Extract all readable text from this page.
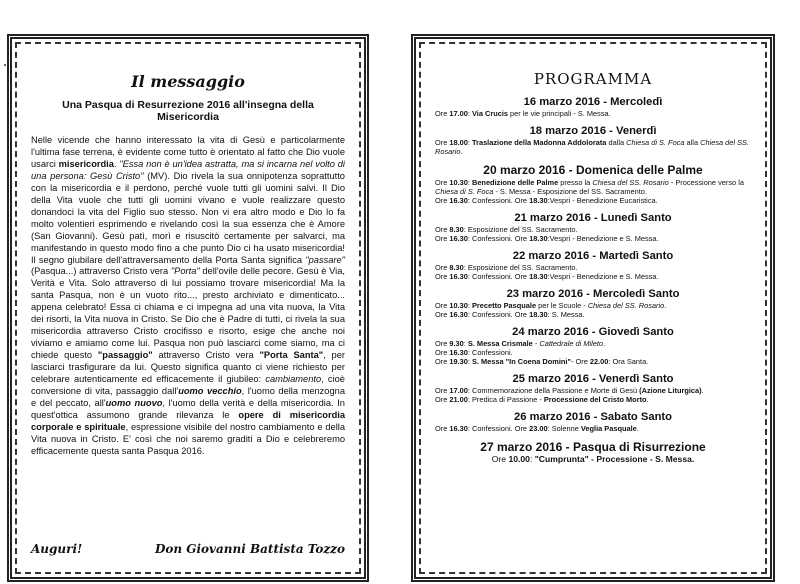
Il messaggio
Una Pasqua di Resurrezione 2016 all'insegna della Misericordia

Nelle vicende che hanno interessato la vita di Gesù e particolarmente l'ultima fase terrena, è evidente come tutto è orientato al fatto che Dio vuole usarci misericordia. "Essa non è un'idea astratta, ma si incarna nel volto di una persona: Gesù Cristo" (MV). Dio rivela la sua onnipotenza soprattutto con la misericordia e il perdono, perché vuole tutti gli uomini salvi. Il Dio della Vita vuole che tutti gli uomini vivano e vuole realizzare questo donandoci la vita del Figlio suo stesso. Non vi era altro modo e Dio lo fa molto volentieri esprimendo e rivelando così la sua essenza che è Amore (San Giovanni). Gesù patì, morì e risuscitò certamente per salvarci, ma manifestando in questo modo fino a che punto Dio ci ha usato misericordia! Il segno giubilare dell'attraversamento della Porta Santa significa "passare" (Pasqua...) attraverso Cristo vera "Porta" dell'ovile delle pecore. Gesù è Via, Verità e Vita. Solo attraverso di lui possiamo trovare misericordia! Ma la santa Pasqua, non è un vuoto rito..., presto archiviato e dimenticato... appena celebrato! Essa ci chiama e ci impegna ad una vita nuova, la Vita dei risorti, la Vita nuova in Cristo. Se Dio che è Padre di tutti, ci rivela la sua misericordia attraverso Cristo crocifisso e risorto, esige che anche noi viviamo e amiamo come lui. Pasqua non può lasciarci come siamo, ma ci chiede questo "passaggio" attraverso Cristo vera "Porta Santa", per lasciarci trasfigurare da lui. Questo significa quanto ci viene richiesto per celebrare autenticamente ed efficacemente il giubileo: cambiamento, cioè conversione di vita, passaggio dall'uomo vecchio, l'uomo della menzogna e del peccato, all'uomo nuovo, l'uomo della verità e della misericordia. In quest'ottica assumono grande rilevanza le opere di misericordia corporale e spirituale, espressione visibile del nostro cambiamento e della Vita nuova in Cristo. E' così che noi saremo graditi a Dio e celebreremo efficacemente questa santa Pasqua 2016.

Auguri!	Don Giovanni Battista Tozzo
PROGRAMMA
16 marzo 2016 - Mercoledì

Ore 17.00: Via Crucis per le vie principali - S. Messa.

18 marzo 2016 - Venerdì

Ore 18.00: Traslazione della Madonna Addolorata dalla Chiesa di S. Foca alla Chiesa del SS. Rosario.

20 marzo 2016 - Domenica delle Palme

Ore 10.30: Benedizione delle Palme presso la Chiesa del SS. Rosario - Processione verso la Chiesa di S. Foca - S. Messa - Esposizione del SS. Sacramento.

Ore 16.30: Confessioni. Ore 18.30:Vespri - Benedizione Eucaristica.

21 marzo 2016 - Lunedì Santo

Ore 8.30: Esposizione del SS. Sacramento.

Ore 16.30: Confessioni. Ore 18.30:Vespri - Benedizione e S. Messa.

22 marzo 2016 - Martedì Santo

Ore 8.30: Esposizione del SS. Sacramento.

Ore 16.30: Confessioni. Ore 18.30:Vespri - Benedizione e S. Messa.

23 marzo 2016 - Mercoledì Santo

Ore 10.30: Precetto Pasquale per le Scuole - Chiesa del SS. Rosario.

Ore 16.30: Confessioni. Ore 18.30: S. Messa.

24 marzo 2016 - Giovedì Santo

Ore 9.30: S. Messa Crismale - Cattedrale di Mileto.

Ore 16.30: Confessioni.

Ore 19.30: S. Messa "In Coena Domini"- Ore 22.00: Ora Santa.

25 marzo 2016 - Venerdì Santo

Ore 17.00: Commemorazione della Passione e Morte di Gesù (Azione Liturgica).

Ore 21.00: Predica di Passione - Processione del Cristo Morto.

26 marzo 2016 - Sabato Santo

Ore 16.30: Confessioni. Ore 23.00: Solenne Veglia Pasquale.

27 marzo 2016 - Pasqua di Risurrezione

Ore 10.00: "Cumprunta" - Processione - S. Messa.
